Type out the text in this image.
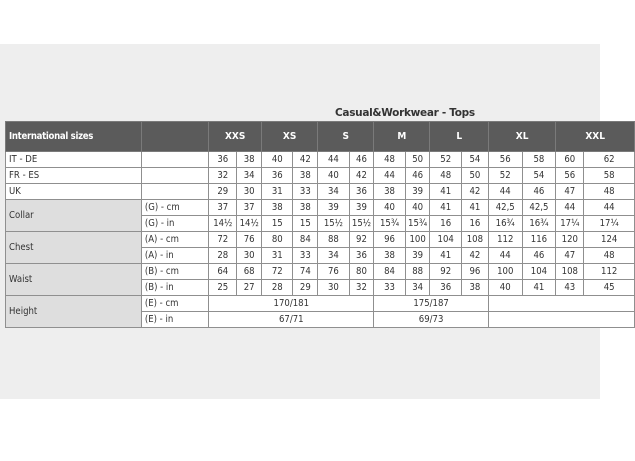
Casual&Workwear - Tops
International sizes		XXS		XS		S		M		L		XL		XXL	
IT - DE		36	38	40	42	44	46	48	50	52	54	56	58	60	62
FR - ES		32	34	36	38	40	42	44	46	48	50	52	54	56	58
UK		29	30	31	33	34	36	38	39	41	42	44	46	47	48
Collar	(G) - cm	37	37	38	38	39	39	40	40	41	41	42,5	42,5	44	44
	(G) - in	14½	14½	15	15	15½	15½	15¾	15¾	16	16	16¾	16¾	17¼	17¼
Chest	(A) - cm	72	76	80	84	88	92	96	100	104	108	112	116	120	124
	(A) - in	28	30	31	33	34	36	38	39	41	42	44	46	47	48
Waist	(B) - cm	64	68	72	74	76	80	84	88	92	96	100	104	108	112
	(B) - in	25	27	28	29	30	32	33	34	36	38	40	41	43	45
Height	(E) - cm	170/181						175/187							
	(E) - in	67/71						69/73							
